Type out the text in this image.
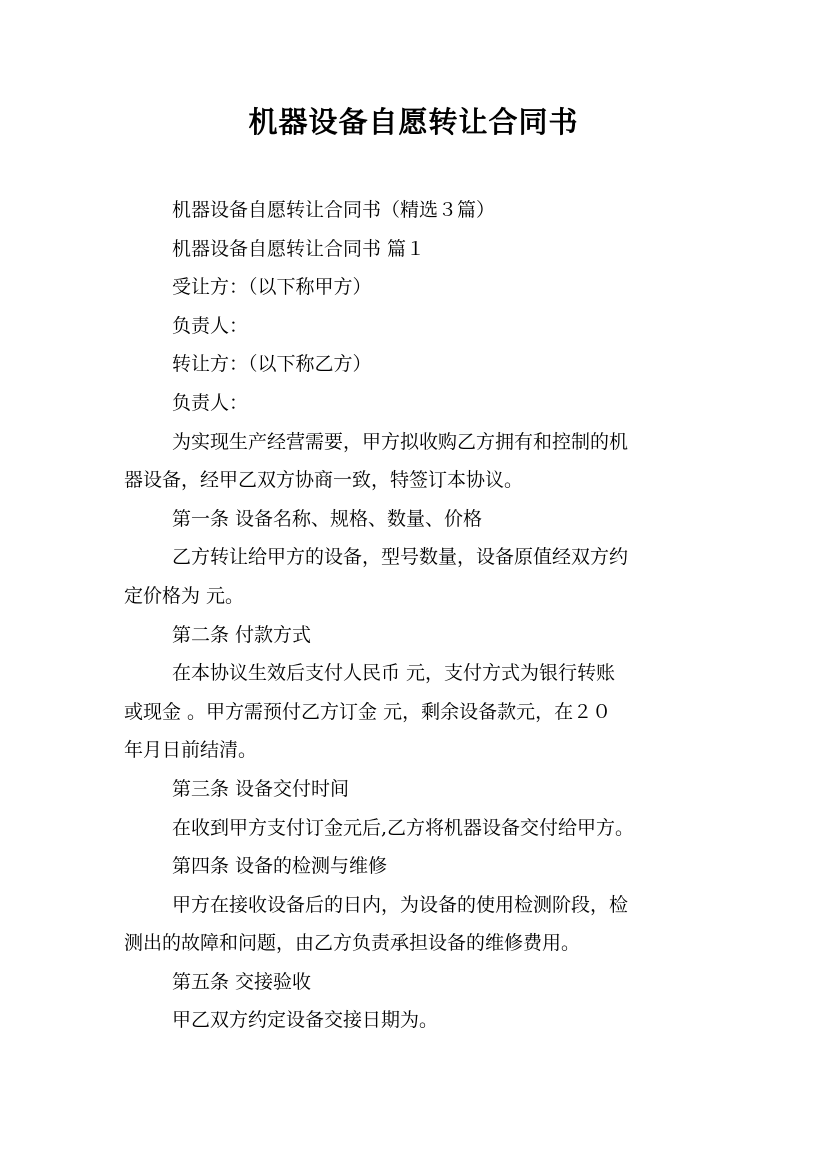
机器设备自愿转让合同书

机器设备自愿转让合同书（精选３篇）

机器设备自愿转让合同书 篇１

受让方：（以下称甲方）

负责人：

转让方：（以下称乙方）

负责人：

为实现生产经营需要，甲方拟收购乙方拥有和控制的机

器设备，经甲乙双方协商一致，特签订本协议。

第一条 设备名称、规格、数量、价格

乙方转让给甲方的设备，型号数量，设备原值经双方约

定价格为 元。

第二条 付款方式

在本协议生效后支付人民币 元，支付方式为银行转账

或现金 。甲方需预付乙方订金 元，剩余设备款元，在２０

年月日前结清。

第三条 设备交付时间

在收到甲方支付订金元后,乙方将机器设备交付给甲方。

第四条 设备的检测与维修

甲方在接收设备后的日内，为设备的使用检测阶段，检

测出的故障和问题，由乙方负责承担设备的维修费用。

第五条 交接验收

甲乙双方约定设备交接日期为。
